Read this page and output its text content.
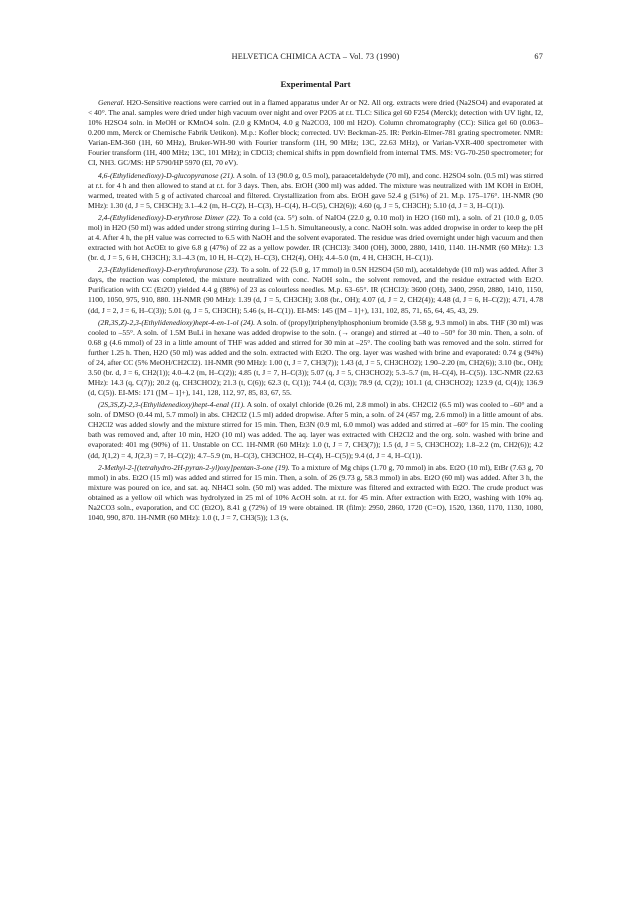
HELVETICA CHIMICA ACTA – Vol. 73 (1990)	67
Experimental Part

General. H2O-Sensitive reactions were carried out in a flamed apparatus under Ar or N2. All org. extracts were dried (Na2SO4) and evaporated at < 40°. The anal. samples were dried under high vacuum over night and over P2O5 at r.t. TLC: Silica gel 60 F254 (Merck); detection with UV light, I2, 10% H2SO4 soln. in MeOH or KMnO4 soln. (2.0 g KMnO4, 4.0 g Na2CO3, 100 ml H2O). Column chromatography (CC): Silica gel 60 (0.063–0.200 mm, Merck or Chemische Fabrik Uetikon). M.p.: Kofler block; corrected. UV: Beckman-25. IR: Perkin-Elmer-781 grating spectrometer. NMR: Varian-EM-360 (1H, 60 MHz), Bruker-WH-90 with Fourier transform (1H, 90 MHz; 13C, 22.63 MHz), or Varian-VXR-400 spectrometer with Fourier transform (1H, 400 MHz; 13C, 101 MHz); in CDCl3; chemical shifts in ppm downfield from internal TMS. MS: VG-70-250 spectrometer; for CI, NH3. GC/MS: HP 5790/HP 5970 (EI, 70 eV).

4,6-(Ethylidenedioxy)-D-glucopyranose (21). A soln. of 13 (90.0 g, 0.5 mol), paraacetaldehyde (70 ml), and conc. H2SO4 soln. (0.5 ml) was stirred at r.t. for 4 h and then allowed to stand at r.t. for 3 days. Then, abs. EtOH (300 ml) was added. The mixture was neutralized with 1M KOH in EtOH, warmed, treated with 5 g of activated charcoal and filtered. Crystallization from abs. EtOH gave 52.4 g (51%) of 21. M.p. 175–176°. 1H-NMR (90 MHz): 1.30 (d, J = 5, CH3CH); 3.1–4.2 (m, H–C(2), H–C(3), H–C(4), H–C(5), CH2(6)); 4.60 (q, J = 5, CH3CH); 5.10 (d, J = 3, H–C(1)).

2,4-(Ethylidenedioxy)-D-erythrose Dimer (22). To a cold (ca. 5°) soln. of NaIO4 (22.0 g, 0.10 mol) in H2O (160 ml), a soln. of 21 (10.0 g, 0.05 mol) in H2O (50 ml) was added under strong stirring during 1–1.5 h. Simultaneously, a conc. NaOH soln. was added dropwise in order to keep the pH at 4. After 4 h, the pH value was corrected to 6.5 with NaOH and the solvent evaporated. The residue was dried overnight under high vacuum and then extracted with hot AcOEt to give 6.8 g (47%) of 22 as a yellow powder. IR (CHCl3): 3400 (OH), 3000, 2880, 1410, 1140. 1H-NMR (60 MHz): 1.3 (br. d, J = 5, 6 H, CH3CH); 3.1–4.3 (m, 10 H, H–C(2), H–C(3), CH2(4), OH); 4.4–5.0 (m, 4 H, CH3CH, H–C(1)).

2,3-(Ethylidenedioxy)-D-erythrofuranose (23). To a soln. of 22 (5.0 g, 17 mmol) in 0.5N H2SO4 (50 ml), acetaldehyde (10 ml) was added. After 3 days, the reaction was completed, the mixture neutralized with conc. NaOH soln., the solvent removed, and the residue extracted with Et2O. Purification with CC (Et2O) yielded 4.4 g (88%) of 23 as colourless needles. M.p. 63–65°. IR (CHCl3): 3600 (OH), 3400, 2950, 2880, 1410, 1150, 1100, 1050, 975, 910, 880. 1H-NMR (90 MHz): 1.39 (d, J = 5, CH3CH); 3.08 (br., OH); 4.07 (d, J = 2, CH2(4)); 4.48 (d, J = 6, H–C(2)); 4.71, 4.78 (dd, J = 2, J = 6, H–C(3)); 5.01 (q, J = 5, CH3CH); 5.46 (s, H–C(1)). EI-MS: 145 ([M – 1]+), 131, 102, 85, 71, 65, 64, 45, 43, 29.

(2R,3S,Z)-2,3-(Ethylidenedioxy)hept-4-en-1-ol (24). A soln. of (propyl)triphenylphosphonium bromide (3.58 g, 9.3 mmol) in abs. THF (30 ml) was cooled to –55°. A soln. of 1.5M BuLi in hexane was added dropwise to the soln. (→ orange) and stirred at –40 to –50° for 30 min. Then, a soln. of 0.68 g (4.6 mmol) of 23 in a little amount of THF was added and stirred for 30 min at –25°. The cooling bath was removed and the soln. stirred for further 1.25 h. Then, H2O (50 ml) was added and the soln. extracted with Et2O. The org. layer was washed with brine and evaporated: 0.74 g (94%) of 24, after CC (5% MeOH/CH2Cl2). 1H-NMR (90 MHz): 1.00 (t, J = 7, CH3(7)); 1.43 (d, J = 5, CH3CHO2); 1.90–2.20 (m, CH2(6)); 3.10 (br., OH); 3.50 (br. d, J = 6, CH2(1)); 4.0–4.2 (m, H–C(2)); 4.85 (t, J = 7, H–C(3)); 5.07 (q, J = 5, CH3CHO2); 5.3–5.7 (m, H–C(4), H–C(5)). 13C-NMR (22.63 MHz): 14.3 (q, C(7)); 20.2 (q, CH3CHO2); 21.3 (t, C(6)); 62.3 (t, C(1)); 74.4 (d, C(3)); 78.9 (d, C(2)); 101.1 (d, CH3CHO2); 123.9 (d, C(4)); 136.9 (d, C(5)). EI-MS: 171 ([M – 1]+), 141, 128, 112, 97, 85, 83, 67, 55.

(2S,3S,Z)-2,3-(Ethylidenedioxy)hept-4-enal (11). A soln. of oxalyl chloride (0.26 ml, 2.8 mmol) in abs. CH2Cl2 (6.5 ml) was cooled to –60° and a soln. of DMSO (0.44 ml, 5.7 mmol) in abs. CH2Cl2 (1.5 ml) added dropwise. After 5 min, a soln. of 24 (457 mg, 2.6 mmol) in a little amount of abs. CH2Cl2 was added slowly and the mixture stirred for 15 min. Then, Et3N (0.9 ml, 6.0 mmol) was added and stirred at –60° for 15 min. The cooling bath was removed and, after 10 min, H2O (10 ml) was added. The aq. layer was extracted with CH2Cl2 and the org. soln. washed with brine and evaporated: 401 mg (90%) of 11. Unstable on CC. 1H-NMR (60 MHz): 1.0 (t, J = 7, CH3(7)); 1.5 (d, J = 5, CH3CHO2); 1.8–2.2 (m, CH2(6)); 4.2 (dd, J(1,2) = 4, J(2,3) = 7, H–C(2)); 4.7–5.9 (m, H–C(3), CH3CHO2, H–C(4), H–C(5)); 9.4 (d, J = 4, H–C(1)).

2-Methyl-2-[(tetrahydro-2H-pyran-2-yl)oxy]pentan-3-one (19). To a mixture of Mg chips (1.70 g, 70 mmol) in abs. Et2O (10 ml), EtBr (7.63 g, 70 mmol) in abs. Et2O (15 ml) was added and stirred for 15 min. Then, a soln. of 26 (9.73 g, 58.3 mmol) in abs. Et2O (60 ml) was added. After 3 h, the mixture was poured on ice, and sat. aq. NH4Cl soln. (50 ml) was added. The mixture was filtered and extracted with Et2O. The crude product was obtained as a yellow oil which was hydrolyzed in 25 ml of 10% AcOH soln. at r.t. for 45 min. After extraction with Et2O, washing with 10% aq. Na2CO3 soln., evaporation, and CC (Et2O), 8.41 g (72%) of 19 were obtained. IR (film): 2950, 2860, 1720 (C=O), 1520, 1360, 1170, 1130, 1080, 1040, 990, 870. 1H-NMR (60 MHz): 1.0 (t, J = 7, CH3(5)); 1.3 (s,
